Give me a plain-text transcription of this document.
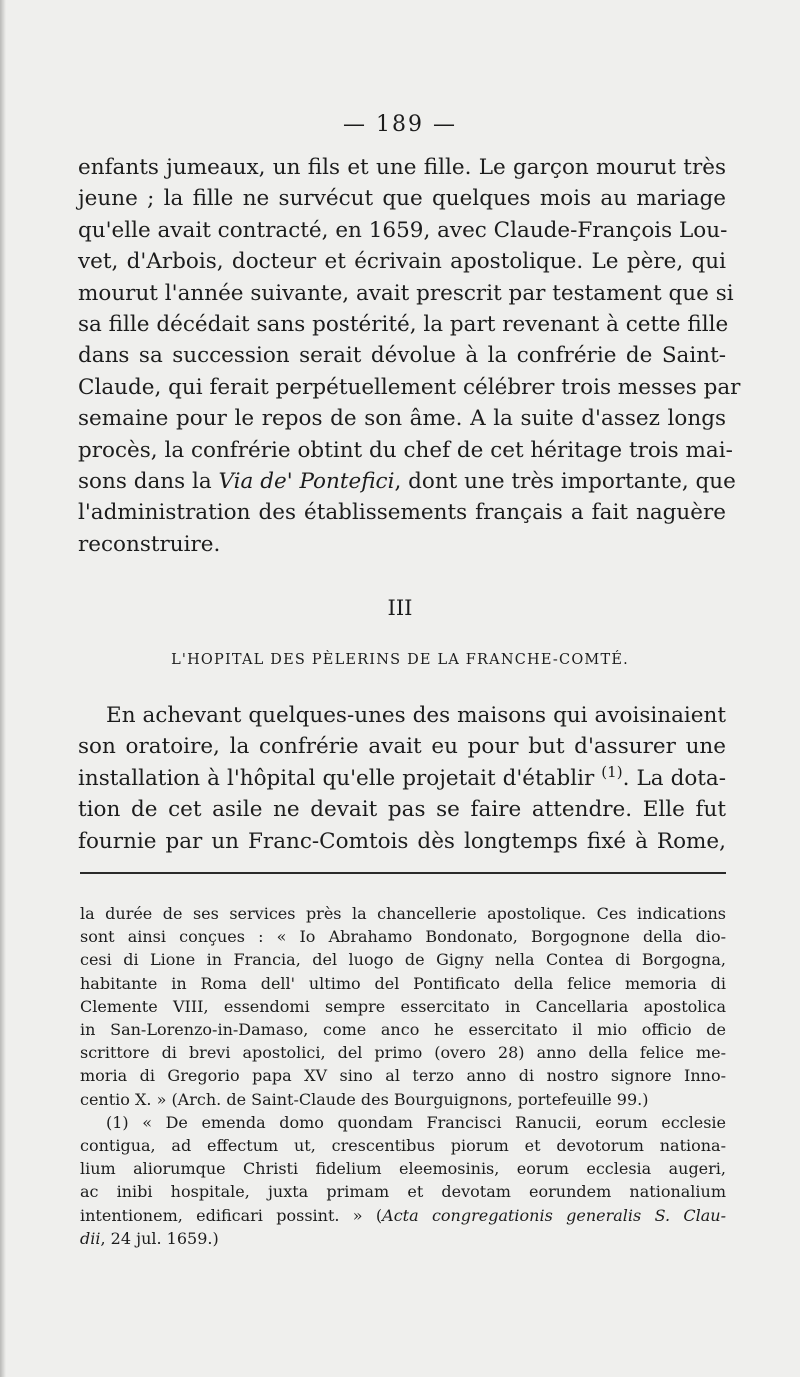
— 189 —
enfants jumeaux, un fils et une fille. Le garçon mourut très
jeune ; la fille ne survécut que quelques mois au mariage
qu'elle avait contracté, en 1659, avec Claude-François Lou-
vet, d'Arbois, docteur et écrivain apostolique. Le père, qui
mourut l'année suivante, avait prescrit par testament que si
sa fille décédait sans postérité, la part revenant à cette fille
dans sa succession serait dévolue à la confrérie de Saint-
Claude, qui ferait perpétuellement célébrer trois messes par
semaine pour le repos de son âme. A la suite d'assez longs
procès, la confrérie obtint du chef de cet héritage trois mai-
sons dans la Via de' Pontefici, dont une très importante, que
l'administration des établissements français a fait naguère
reconstruire.
III
L'HOPITAL DES PÈLERINS DE LA FRANCHE-COMTÉ.
En achevant quelques-unes des maisons qui avoisinaient
son oratoire, la confrérie avait eu pour but d'assurer une
installation à l'hôpital qu'elle projetait d'établir $^{(1)}$. La dota-
tion de cet asile ne devait pas se faire attendre. Elle fut
fournie par un Franc-Comtois dès longtemps fixé à Rome,
la durée de ses services près la chancellerie apostolique. Ces indications
sont ainsi conçues : « Io Abrahamo Bondonato, Borgognone della dio-
cesi di Lione in Francia, del luogo de Gigny nella Contea di Borgogna,
habitante in Roma dell' ultimo del Pontificato della felice memoria di
Clemente VIII, essendomi sempre essercitato in Cancellaria apostolica
in San-Lorenzo-in-Damaso, come anco he essercitato il mio officio de
scrittore di brevi apostolici, del primo (overo 28) anno della felice me-
moria di Gregorio papa XV sino al terzo anno di nostro signore Inno-
centio X. » (Arch. de Saint-Claude des Bourguignons, portefeuille 99.)
(1) « De emenda domo quondam Francisci Ranucii, eorum ecclesie
contigua, ad effectum ut, crescentibus piorum et devotorum nationa-
lium aliorumque Christi fidelium eleemosinis, eorum ecclesia augeri,
ac inibi hospitale, juxta primam et devotam eorundem nationalium
intentionem, edificari possint. » (Acta congregationis generalis S. Clau-
dii, 24 jul. 1659.)
